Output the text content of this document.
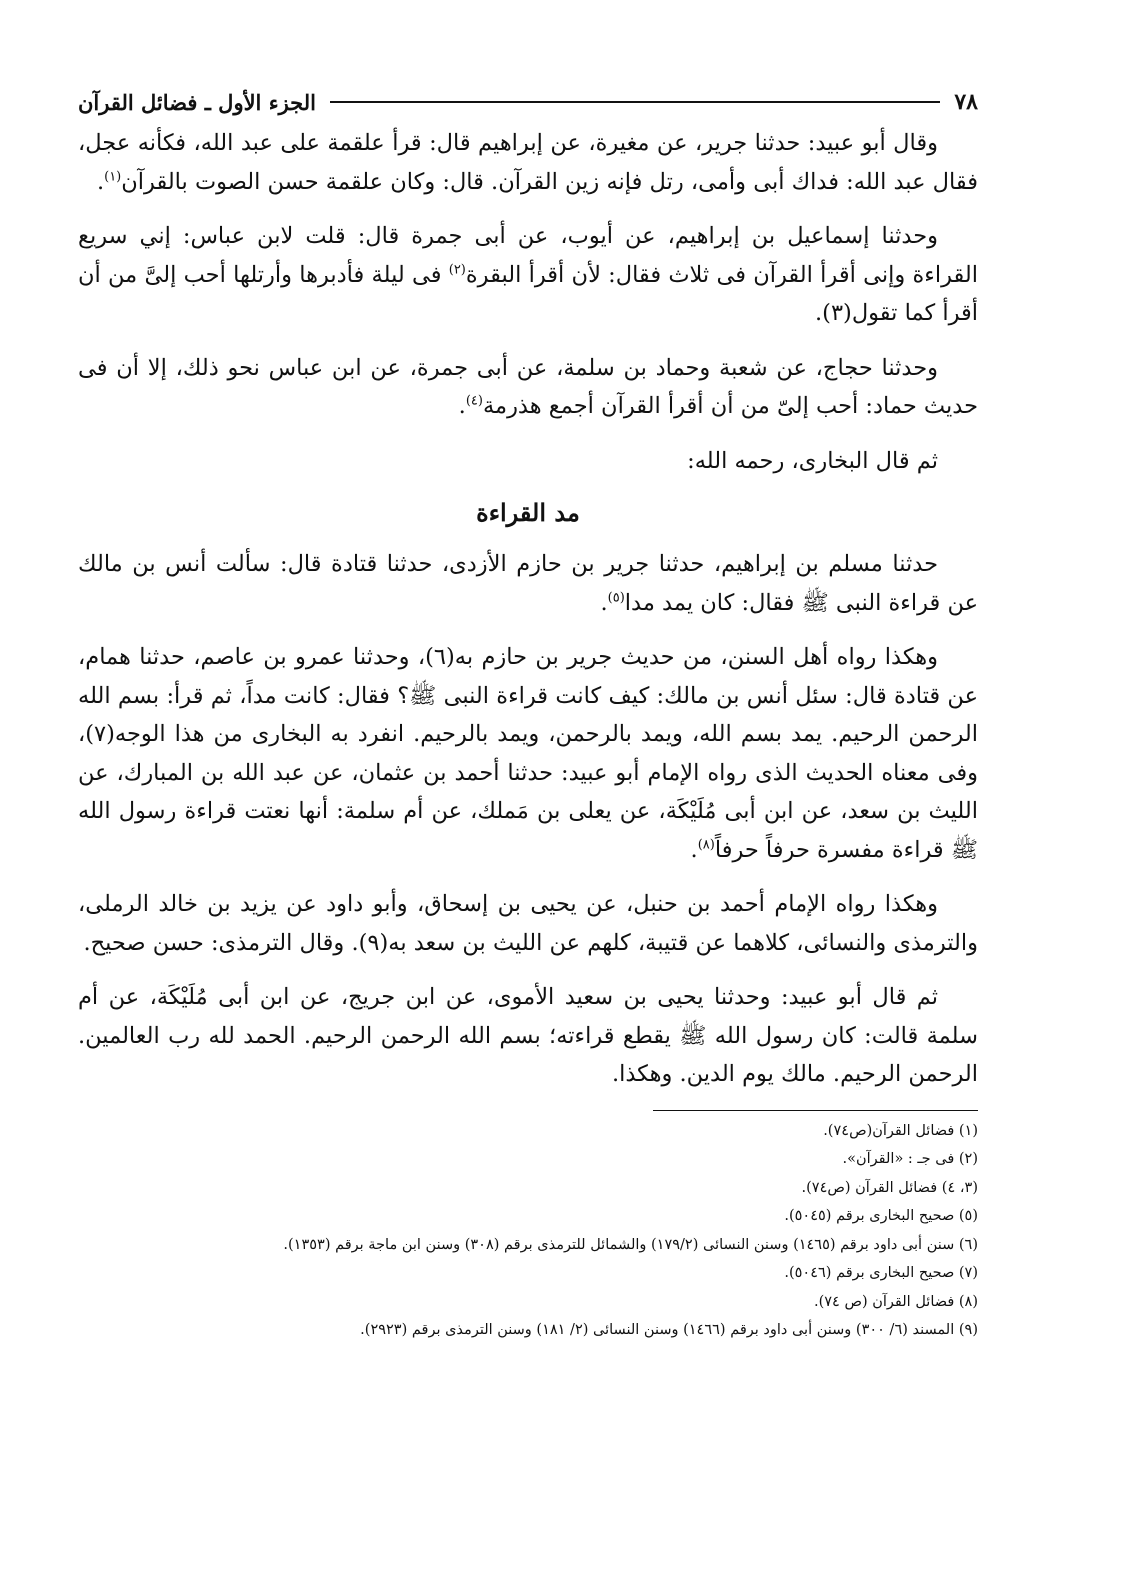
٧٨
الجزء الأول ـ فضائل القرآن

وقال أبو عبيد: حدثنا جرير، عن مغيرة، عن إبراهيم قال: قرأ علقمة على عبد الله، فكأنه عجل، فقال عبد الله: فداك أبى وأمى، رتل فإنه زين القرآن. قال: وكان علقمة حسن الصوت بالقرآن$^{(١)}$.

وحدثنا إسماعيل بن إبراهيم، عن أيوب، عن أبى جمرة قال: قلت لابن عباس: إني سريع القراءة وإنى أقرأ القرآن فى ثلاث فقال: لأن أقرأ البقرة$^{(٢)}$ فى ليلة فأدبرها وأرتلها أحب إلىَّ من أن أقرأ كما تقول(٣).

وحدثنا حجاج، عن شعبة وحماد بن سلمة، عن أبى جمرة، عن ابن عباس نحو ذلك، إلا أن فى حديث حماد: أحب إلىّ من أن أقرأ القرآن أجمع هذرمة$^{(٤)}$.

ثم قال البخارى، رحمه الله:

مد القراءة

حدثنا مسلم بن إبراهيم، حدثنا جرير بن حازم الأزدى، حدثنا قتادة قال: سألت أنس بن مالك عن قراءة النبى ﷺ فقال: كان يمد مدا$^{(٥)}$.

وهكذا رواه أهل السنن، من حديث جرير بن حازم به(٦)، وحدثنا عمرو بن عاصم، حدثنا همام، عن قتادة قال: سئل أنس بن مالك: كيف كانت قراءة النبى ﷺ؟ فقال: كانت مداً، ثم قرأ: بسم الله الرحمن الرحيم. يمد بسم الله، ويمد بالرحمن، ويمد بالرحيم. انفرد به البخارى من هذا الوجه(٧)، وفى معناه الحديث الذى رواه الإمام أبو عبيد: حدثنا أحمد بن عثمان، عن عبد الله بن المبارك، عن الليث بن سعد، عن ابن أبى مُلَيْكَة، عن يعلى بن مَملك، عن أم سلمة: أنها نعتت قراءة رسول الله ﷺ قراءة مفسرة حرفاً حرفاً$^{(٨)}$.

وهكذا رواه الإمام أحمد بن حنبل، عن يحيى بن إسحاق، وأبو داود عن يزيد بن خالد الرملى، والترمذى والنسائى، كلاهما عن قتيبة، كلهم عن الليث بن سعد به(٩). وقال الترمذى: حسن صحيح.

ثم قال أبو عبيد: وحدثنا يحيى بن سعيد الأموى، عن ابن جريج، عن ابن أبى مُلَيْكَة، عن أم سلمة قالت: كان رسول الله ﷺ يقطع قراءته؛ بسم الله الرحمن الرحيم. الحمد لله رب العالمين. الرحمن الرحيم. مالك يوم الدين. وهكذا.

(١) فضائل القرآن(ص٧٤).

(٢) فى جـ : «القرآن».

(٣، ٤) فضائل القرآن (ص٧٤).

(٥) صحيح البخارى برقم (٥٠٤٥).

(٦) سنن أبى داود برقم (١٤٦٥) وسنن النسائى (١٧٩/٢) والشمائل للترمذى برقم (٣٠٨) وسنن ابن ماجة برقم (١٣٥٣).

(٧) صحيح البخارى برقم (٥٠٤٦).

(٨) فضائل القرآن (ص ٧٤).

(٩) المسند (٦/ ٣٠٠) وسنن أبى داود برقم (١٤٦٦) وسنن النسائى (٢/ ١٨١) وسنن الترمذى برقم (٢٩٢٣).
